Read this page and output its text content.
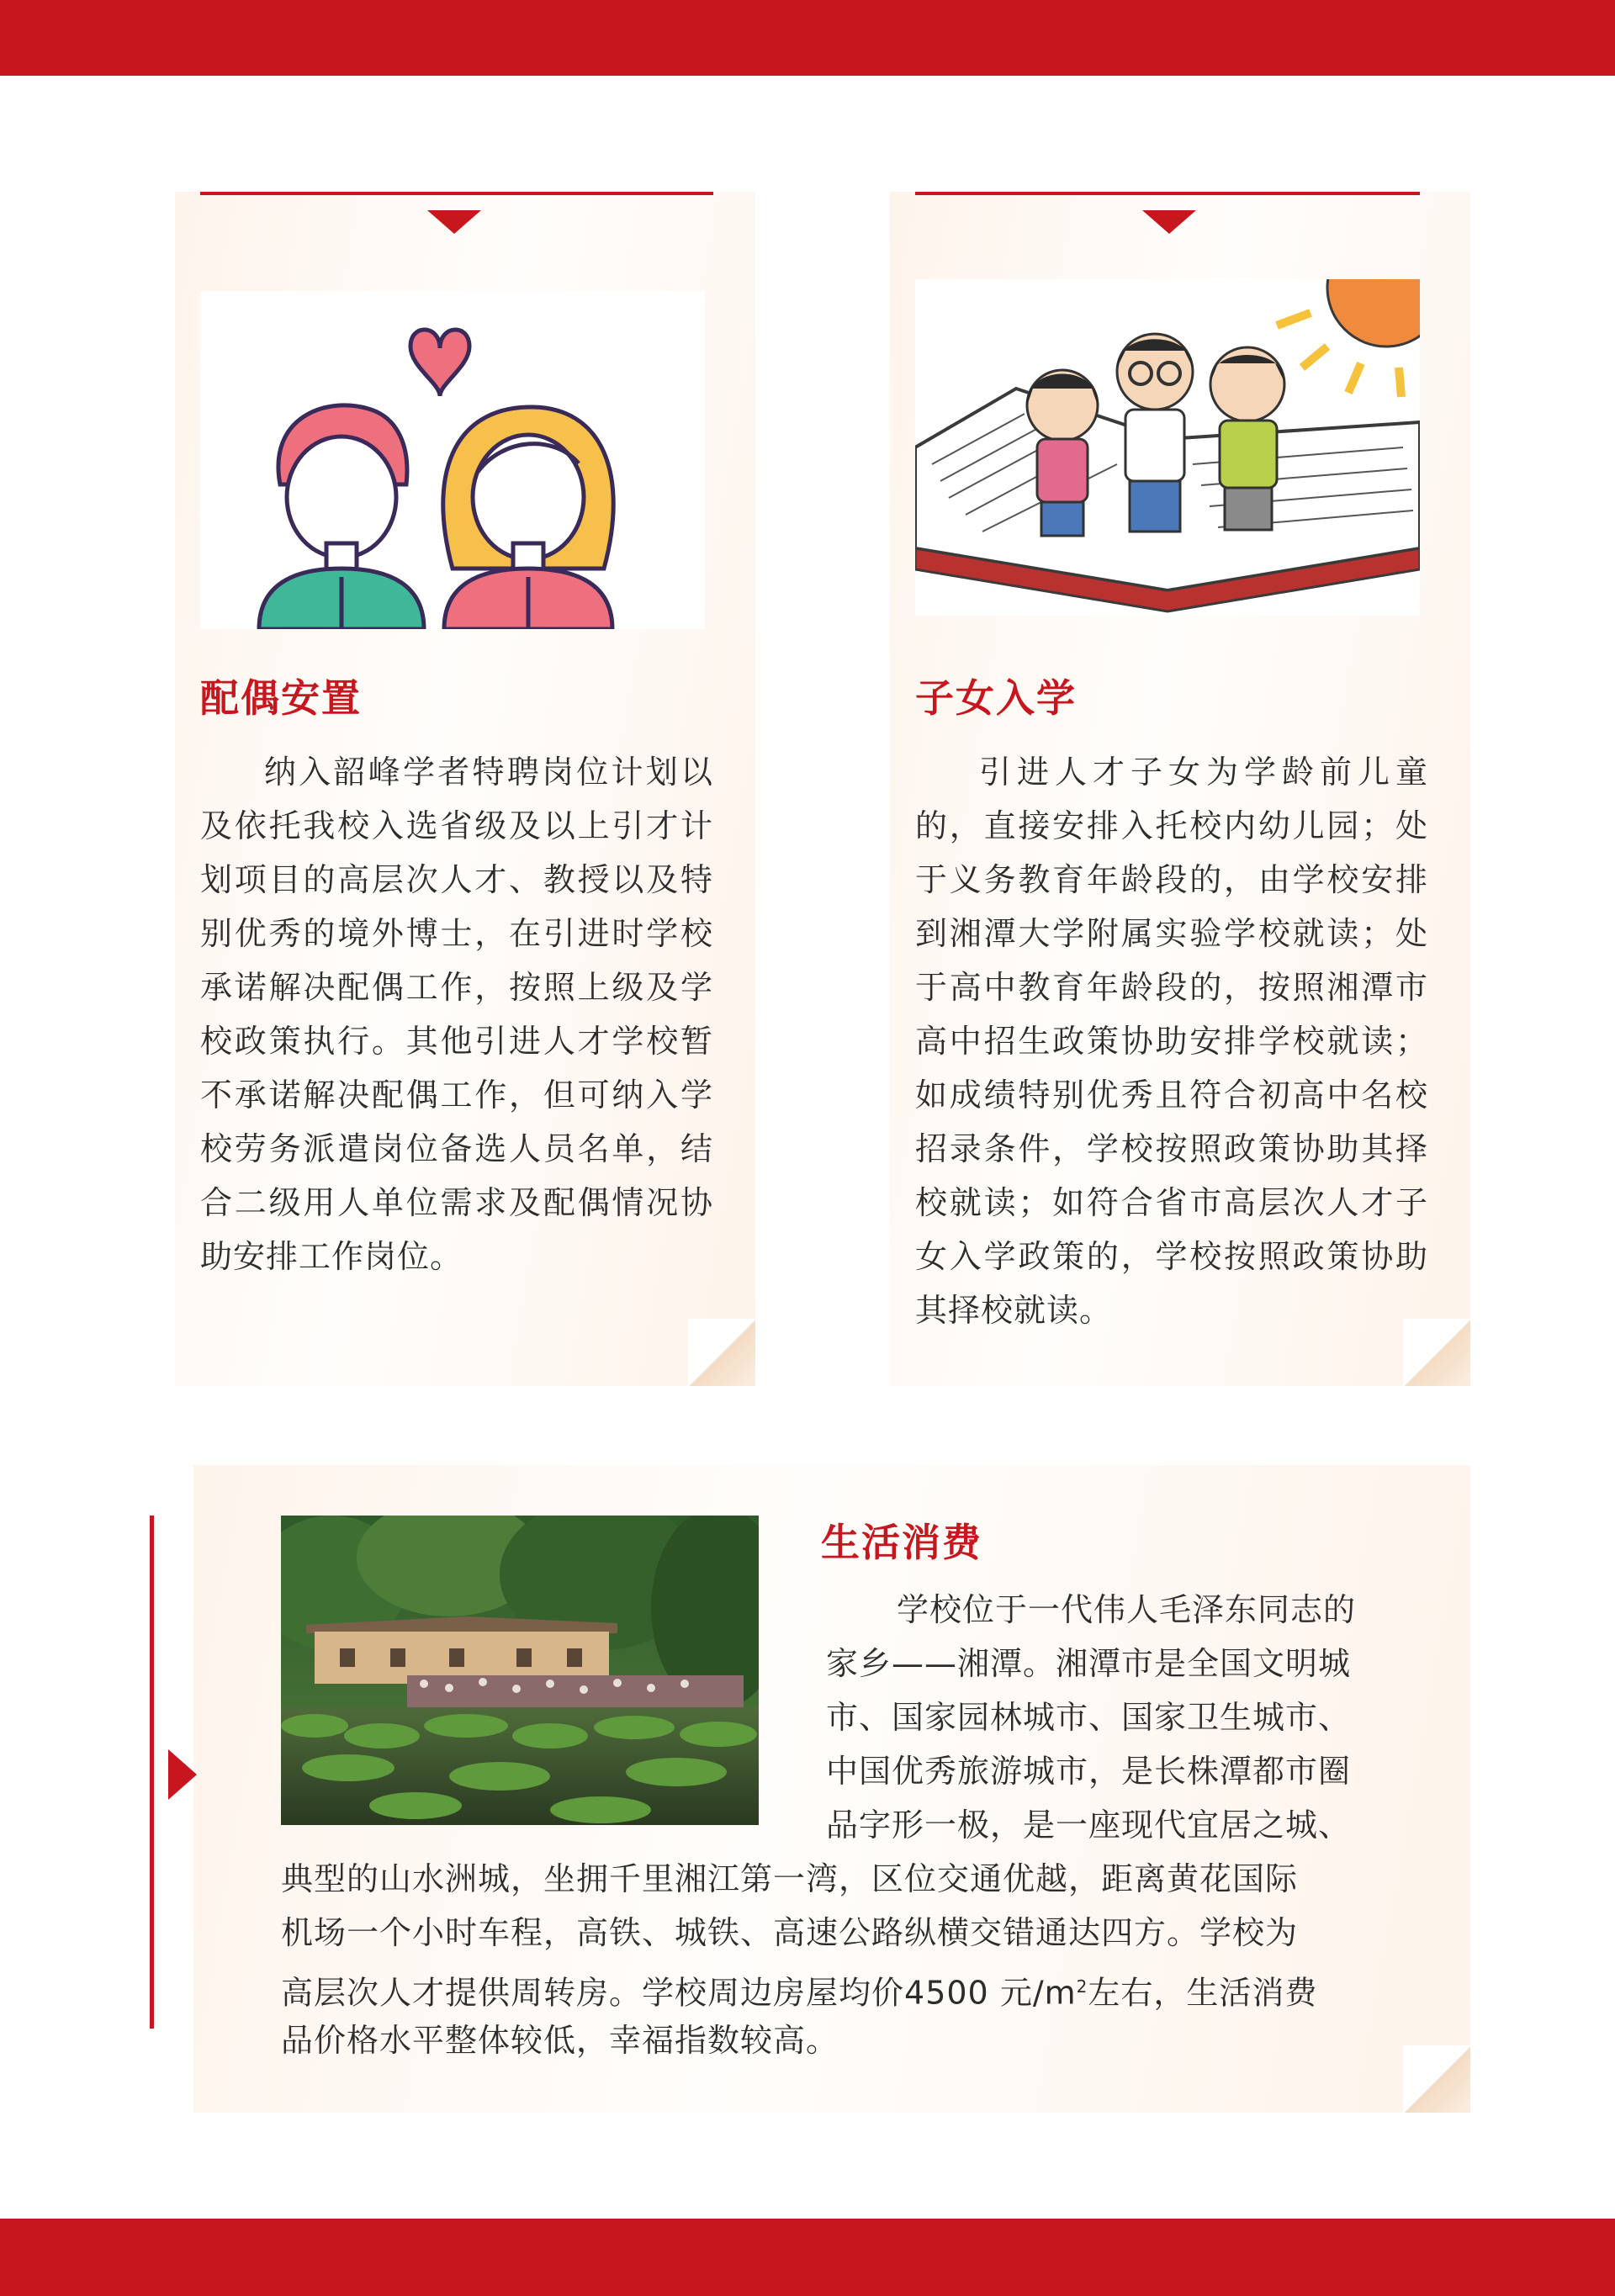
配偶安置
纳入韶峰学者特聘岗位计划以及依托我校入选省级及以上引才计划项目的高层次人才、教授以及特别优秀的境外博士，在引进时学校承诺解决配偶工作，按照上级及学校政策执行。其他引进人才学校暂不承诺解决配偶工作，但可纳入学校劳务派遣岗位备选人员名单，结合二级用人单位需求及配偶情况协助安排工作岗位。
子女入学
引进人才子女为学龄前儿童的，直接安排入托校内幼儿园；处于义务教育年龄段的，由学校安排到湘潭大学附属实验学校就读；处于高中教育年龄段的，按照湘潭市高中招生政策协助安排学校就读；如成绩特别优秀且符合初高中名校招录条件，学校按照政策协助其择校就读；如符合省市高层次人才子女入学政策的，学校按照政策协助其择校就读。
生活消费

学校位于一代伟人毛泽东同志的

家乡——湘潭。湘潭市是全国文明城

市、国家园林城市、国家卫生城市、

中国优秀旅游城市，是长株潭都市圈

品字形一极，是一座现代宜居之城、

典型的山水洲城，坐拥千里湘江第一湾，区位交通优越，距离黄花国际

机场一个小时车程，高铁、城铁、高速公路纵横交错通达四方。学校为

高层次人才提供周转房。学校周边房屋均价4500 元$/m^2$左右，生活消费

品价格水平整体较低，幸福指数较高。
